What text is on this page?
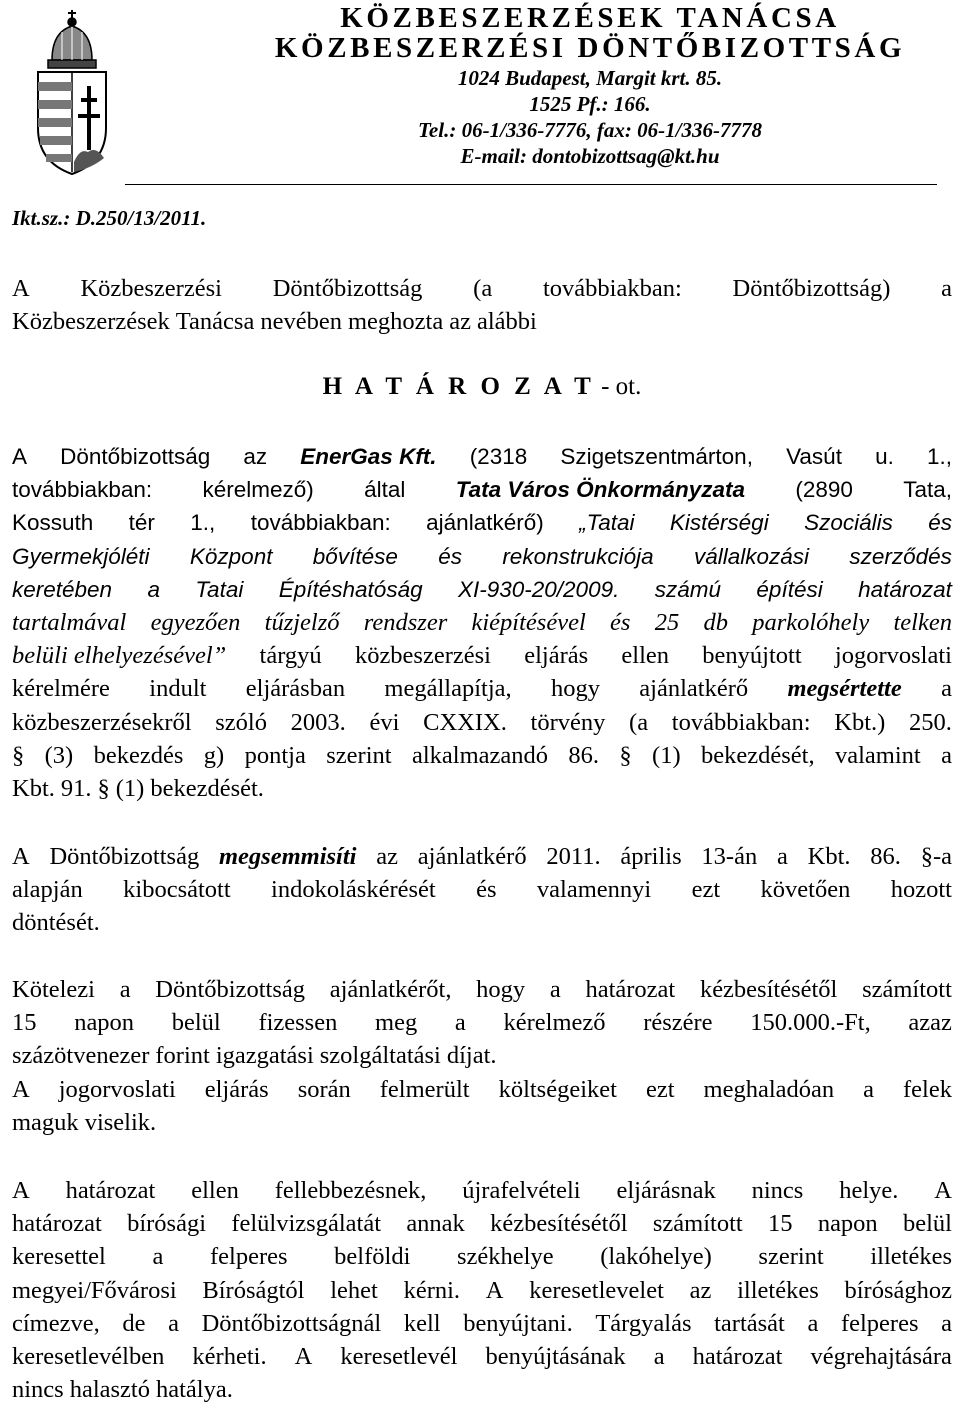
KÖZBESZERZÉSEK TANÁCSA
KÖZBESZERZÉSI DÖNTŐBIZOTTSÁG
1024 Budapest, Margit krt. 85.
1525 Pf.: 166.
Tel.: 06-1/336-7776, fax: 06-1/336-7778
E-mail: dontobizottsag@kt.hu
Ikt.sz.: D.250/13/2011.
A Közbeszerzési Döntőbizottság (a továbbiakban: Döntőbizottság) a
Közbeszerzések Tanácsa nevében meghozta az alábbi
H A T Á R O Z A T - ot.
A Döntőbizottság az EnerGas Kft. (2318 Szigetszentmárton, Vasút u. 1.,
továbbiakban: kérelmező) által Tata Város Önkormányzata (2890 Tata,
Kossuth tér 1., továbbiakban: ajánlatkérő) „Tatai Kistérségi Szociális és
Gyermekjóléti Központ bővítése és rekonstrukciója vállalkozási szerződés
keretében a Tatai Építéshatóság XI-930-20/2009. számú építési határozat
tartalmával egyezően tűzjelző rendszer kiépítésével és 25 db parkolóhely telken
belüli elhelyezésével” tárgyú közbeszerzési eljárás ellen benyújtott jogorvoslati
kérelmére indult eljárásban megállapítja, hogy ajánlatkérő megsértette a
közbeszerzésekről szóló 2003. évi CXXIX. törvény (a továbbiakban: Kbt.) 250.
§ (3) bekezdés g) pontja szerint alkalmazandó 86. § (1) bekezdését, valamint a
Kbt. 91. § (1) bekezdését.
A Döntőbizottság megsemmisíti az ajánlatkérő 2011. április 13-án a Kbt. 86. §-a
alapján kibocsátott indokoláskérését és valamennyi ezt követően hozott
döntését.
Kötelezi a Döntőbizottság ajánlatkérőt, hogy a határozat kézbesítésétől számított
15 napon belül fizessen meg a kérelmező részére 150.000.-Ft, azaz
százötvenezer forint igazgatási szolgáltatási díjat.
A jogorvoslati eljárás során felmerült költségeiket ezt meghaladóan a felek
maguk viselik.
A határozat ellen fellebbezésnek, újrafelvételi eljárásnak nincs helye. A
határozat bírósági felülvizsgálatát annak kézbesítésétől számított 15 napon belül
keresettel a felperes belföldi székhelye (lakóhelye) szerint illetékes
megyei/Fővárosi Bíróságtól lehet kérni. A keresetlevelet az illetékes bírósághoz
címezve, de a Döntőbizottságnál kell benyújtani. Tárgyalás tartását a felperes a
keresetlevélben kérheti. A keresetlevél benyújtásának a határozat végrehajtására
nincs halasztó hatálya.
